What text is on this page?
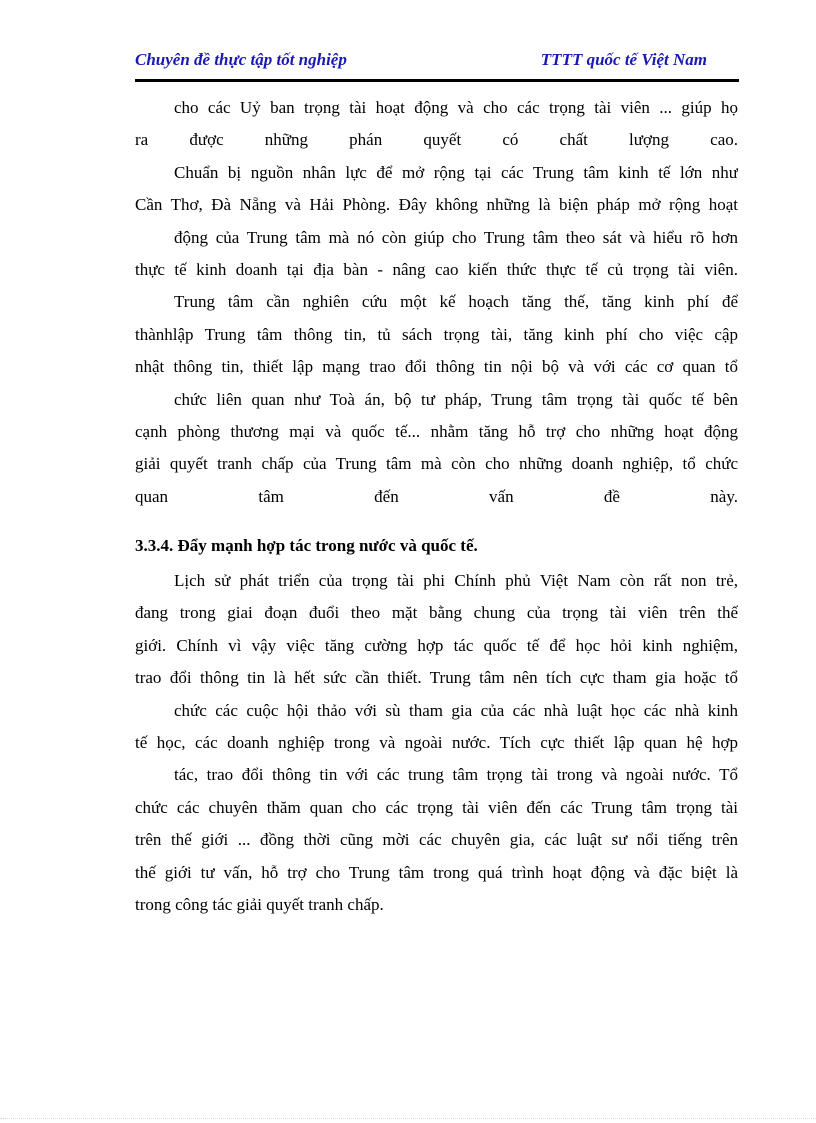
Chuyên đề thực tập tốt nghiệp	TTTT quốc tế Việt Nam
cho các Uỷ ban trọng tài hoạt động và cho các trọng tài viên ... giúp họ
ra được những phán quyết có chất lượng cao.
Chuẩn bị nguồn nhân lực để mở rộng tại các Trung tâm kinh tế lớn như
Cần Thơ, Đà Nẵng và Hải Phòng. Đây không những là biện pháp mở rộng hoạt
động của Trung tâm mà nó còn giúp cho Trung tâm theo sát và hiểu rõ hơn
thực tế kinh doanh tại địa bàn - nâng cao kiến thức thực tế củ trọng tài viên.
Trung tâm cần nghiên cứu một kế hoạch tăng thế, tăng kinh phí để
thànhlập Trung tâm thông tin, tủ sách trọng tài, tăng kinh phí cho việc cập
nhật thông tin, thiết lập mạng trao đổi thông tin nội bộ và với các cơ quan tổ
chức liên quan như Toà án, bộ tư pháp, Trung tâm trọng tài quốc tế bên
cạnh phòng thương mại và quốc tế... nhằm tăng hỗ trợ cho những hoạt động
giải quyết tranh chấp của Trung tâm mà còn cho những doanh nghiệp, tổ chức
quan tâm đến vấn đề này.
3.3.4. Đẩy mạnh hợp tác trong nước và quốc tế.
Lịch sử phát triển của trọng tài phi Chính phủ Việt Nam còn rất non trẻ,
đang trong giai đoạn đuổi theo mặt bằng chung của trọng tài viên trên thế
giới. Chính vì vậy việc tăng cường hợp tác quốc tế để học hỏi kinh nghiệm,
trao đổi thông tin là hết sức cần thiết. Trung tâm nên tích cực tham gia hoặc tổ
chức các cuộc hội thảo với sù tham gia của các nhà luật học các nhà kinh
tế học, các doanh nghiệp trong và ngoài nước. Tích cực thiết lập quan hệ hợp
tác, trao đổi thông tin với các trung tâm trọng tài trong và ngoài nước. Tổ
chức các chuyên thăm quan cho các trọng tài viên đến các Trung tâm trọng tài
trên thế giới ... đồng thời cũng mời các chuyên gia, các luật sư nổi tiếng trên
thế giới tư vấn, hỗ trợ cho Trung tâm trong quá trình hoạt động và đặc biệt là
trong công tác giải quyết tranh chấp.
